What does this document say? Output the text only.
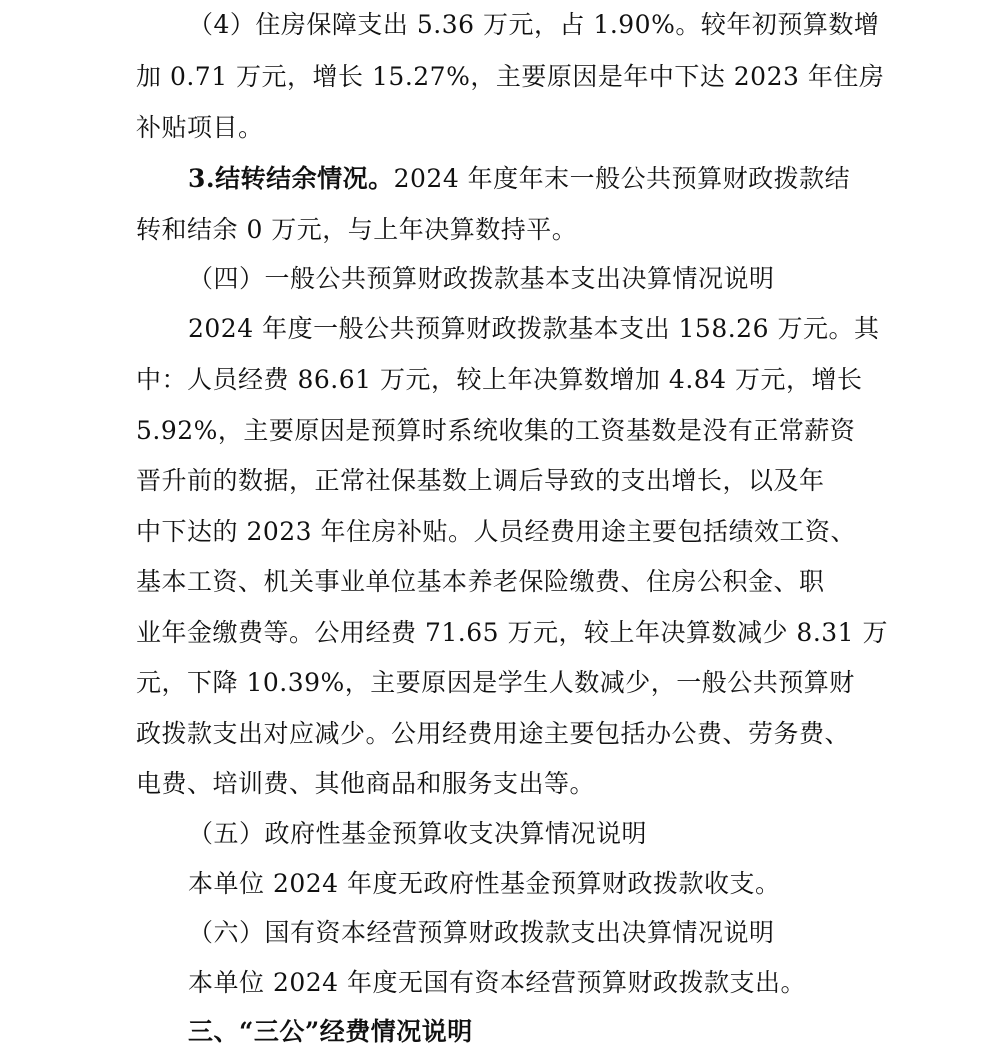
（4）住房保障支出 5.36 万元，占 1.90%。较年初预算数增
加 0.71 万元，增长 15.27%，主要原因是年中下达 2023 年住房
补贴项目。
3.结转结余情况。2024 年度年末一般公共预算财政拨款结
转和结余 0 万元，与上年决算数持平。
（四）一般公共预算财政拨款基本支出决算情况说明
2024 年度一般公共预算财政拨款基本支出 158.26 万元。其
中：人员经费 86.61 万元，较上年决算数增加 4.84 万元，增长
5.92%，主要原因是预算时系统收集的工资基数是没有正常薪资
晋升前的数据，正常社保基数上调后导致的支出增长，以及年
中下达的 2023 年住房补贴。人员经费用途主要包括绩效工资、
基本工资、机关事业单位基本养老保险缴费、住房公积金、职
业年金缴费等。公用经费 71.65 万元，较上年决算数减少 8.31 万
元，下降 10.39%，主要原因是学生人数减少，一般公共预算财
政拨款支出对应减少。公用经费用途主要包括办公费、劳务费、
电费、培训费、其他商品和服务支出等。
（五）政府性基金预算收支决算情况说明
本单位 2024 年度无政府性基金预算财政拨款收支。
（六）国有资本经营预算财政拨款支出决算情况说明
本单位 2024 年度无国有资本经营预算财政拨款支出。
三、“三公”经费情况说明
